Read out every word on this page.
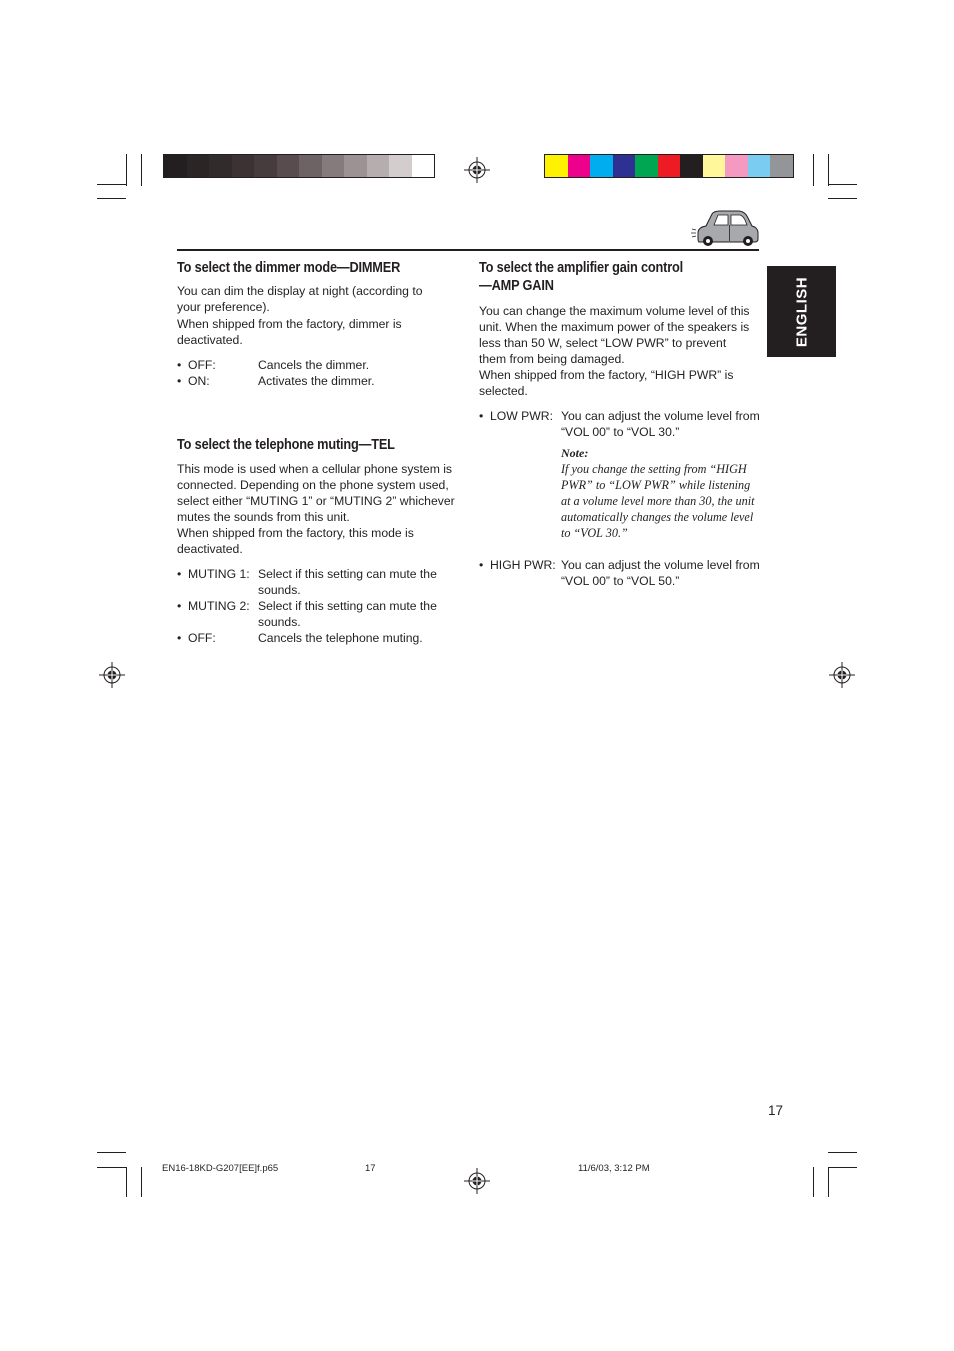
ENGLISH
To select the dimmer mode—DIMMER

You can dim the display at night (according to your preference).

When shipped from the factory, dimmer is deactivated.

• OFF:	Cancels the dimmer.
• ON:	Activates the dimmer.
To select the telephone muting—TEL

This mode is used when a cellular phone system is connected. Depending on the phone system used, select either “MUTING 1” or “MUTING 2” whichever mutes the sounds from this unit.

When shipped from the factory, this mode is deactivated.

• MUTING 1: Select if this setting can mute the sounds.
• MUTING 2: Select if this setting can mute the sounds.
• OFF:	Cancels the telephone muting.
To select the amplifier gain control
—AMP GAIN

You can change the maximum volume level of this unit. When the maximum power of the speakers is less than 50 W, select “LOW PWR” to prevent them from being damaged.

When shipped from the factory, “HIGH PWR” is selected.

• LOW PWR: You can adjust the volume level from “VOL 00” to “VOL 30.”

Note:

If you change the setting from “HIGH PWR” to “LOW PWR” while listening at a volume level more than 30, the unit automatically changes the volume level to “VOL 30.”

• HIGH PWR: You can adjust the volume level from “VOL 00” to “VOL 50.”
17
EN16-18KD-G207[EE]f.p65	17	11/6/03, 3:12 PM
